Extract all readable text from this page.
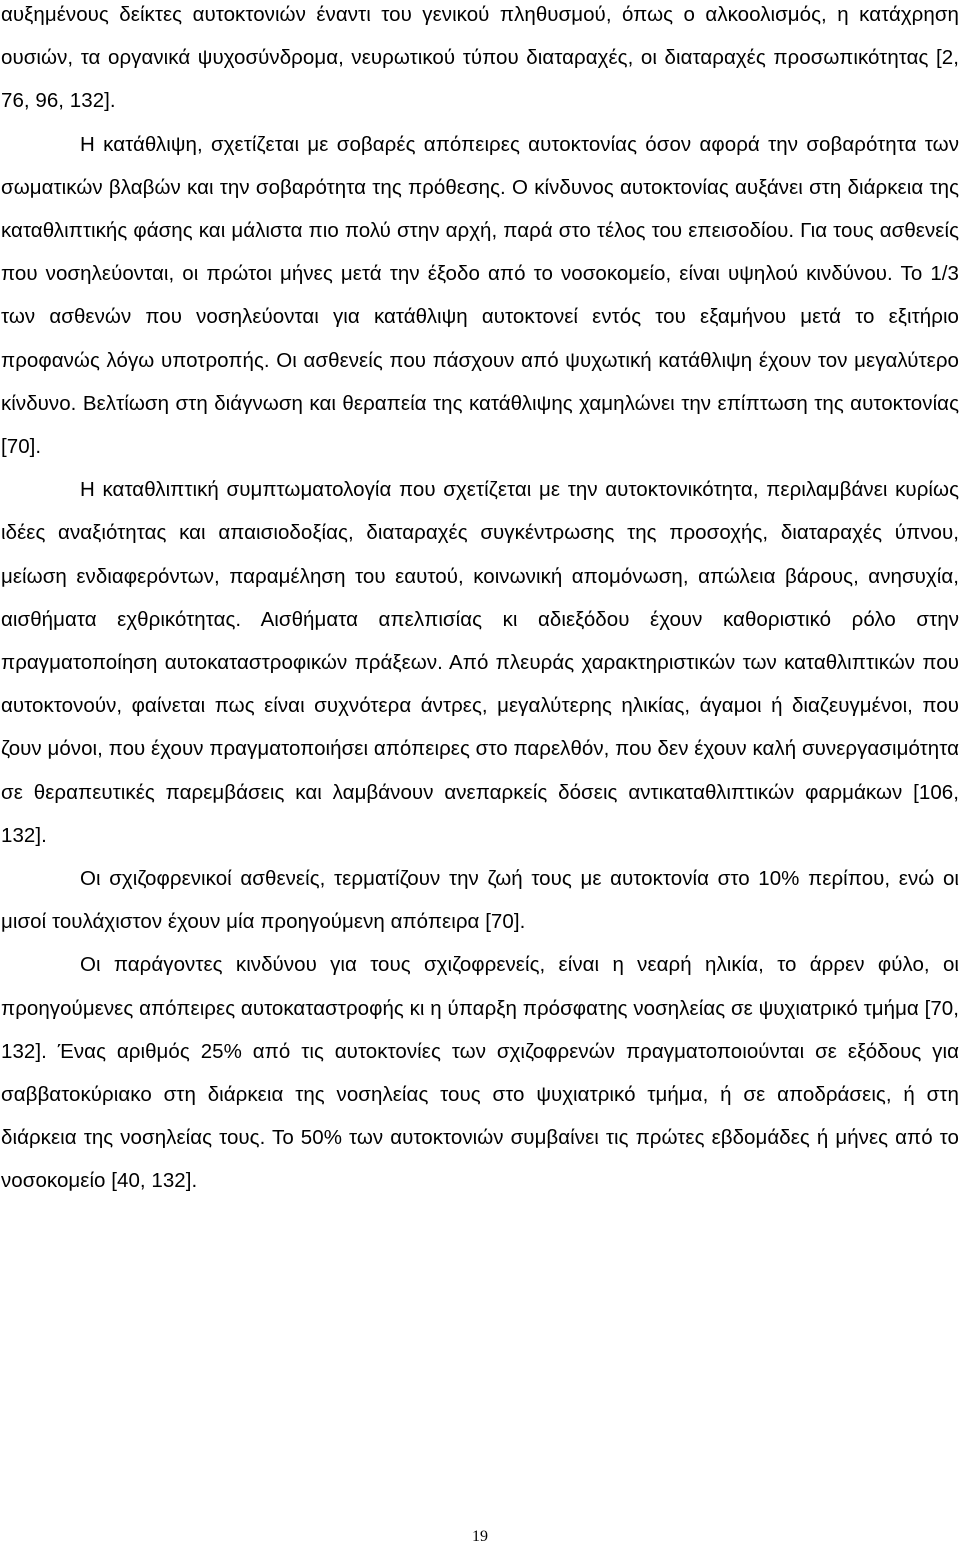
αυξημένους δείκτες αυτοκτονιών έναντι του γενικού πληθυσμού, όπως ο αλκοολισμός, η κατάχρηση ουσιών, τα οργανικά ψυχοσύνδρομα, νευρωτικού τύπου διαταραχές, οι διαταραχές προσωπικότητας [2, 76, 96, 132].

Η κατάθλιψη, σχετίζεται με σοβαρές απόπειρες αυτοκτονίας όσον αφορά την σοβαρότητα των σωματικών βλαβών και την σοβαρότητα της πρόθεσης. Ο κίνδυνος αυτοκτονίας αυξάνει στη διάρκεια της καταθλιπτικής φάσης και μάλιστα πιο πολύ στην αρχή, παρά στο τέλος του επεισοδίου. Για τους ασθενείς που νοσηλεύονται, οι πρώτοι μήνες μετά την έξοδο από το νοσοκομείο, είναι υψηλού κινδύνου. Το 1/3 των ασθενών που νοσηλεύονται για κατάθλιψη αυτοκτονεί εντός του εξαμήνου μετά το εξιτήριο προφανώς λόγω υποτροπής. Οι ασθενείς που πάσχουν από ψυχωτική κατάθλιψη έχουν τον μεγαλύτερο κίνδυνο. Βελτίωση στη διάγνωση και θεραπεία της κατάθλιψης χαμηλώνει την επίπτωση της αυτοκτονίας [70].

Η καταθλιπτική συμπτωματολογία που σχετίζεται με την αυτοκτονικότητα, περιλαμβάνει κυρίως ιδέες αναξιότητας και απαισιοδοξίας, διαταραχές συγκέντρωσης της προσοχής, διαταραχές ύπνου, μείωση ενδιαφερόντων, παραμέληση του εαυτού, κοινωνική απομόνωση, απώλεια βάρους, ανησυχία, αισθήματα εχθρικότητας. Αισθήματα απελπισίας κι αδιεξόδου έχουν καθοριστικό ρόλο στην πραγματοποίηση αυτοκαταστροφικών πράξεων. Από πλευράς χαρακτηριστικών των καταθλιπτικών που αυτοκτονούν, φαίνεται πως είναι συχνότερα άντρες, μεγαλύτερης ηλικίας, άγαμοι ή διαζευγμένοι, που ζουν μόνοι, που έχουν πραγματοποιήσει απόπειρες στο παρελθόν, που δεν έχουν καλή συνεργασιμότητα σε θεραπευτικές παρεμβάσεις και λαμβάνουν ανεπαρκείς δόσεις αντικαταθλιπτικών φαρμάκων [106, 132].

Οι σχιζοφρενικοί ασθενείς, τερματίζουν την ζωή τους με αυτοκτονία στο 10% περίπου, ενώ οι μισοί τουλάχιστον έχουν μία προηγούμενη απόπειρα [70].

Οι παράγοντες κινδύνου για τους σχιζοφρενείς, είναι η νεαρή ηλικία, το άρρεν φύλο, οι προηγούμενες απόπειρες αυτοκαταστροφής κι η ύπαρξη πρόσφατης νοσηλείας σε ψυχιατρικό τμήμα [70, 132]. Ένας αριθμός 25% από τις αυτοκτονίες των σχιζοφρενών πραγματοποιούνται σε εξόδους για σαββατοκύριακο στη διάρκεια της νοσηλείας τους στο ψυχιατρικό τμήμα, ή σε αποδράσεις, ή στη διάρκεια της νοσηλείας τους. Το 50% των αυτοκτονιών συμβαίνει τις πρώτες εβδομάδες ή μήνες από το νοσοκομείο [40, 132].

19
